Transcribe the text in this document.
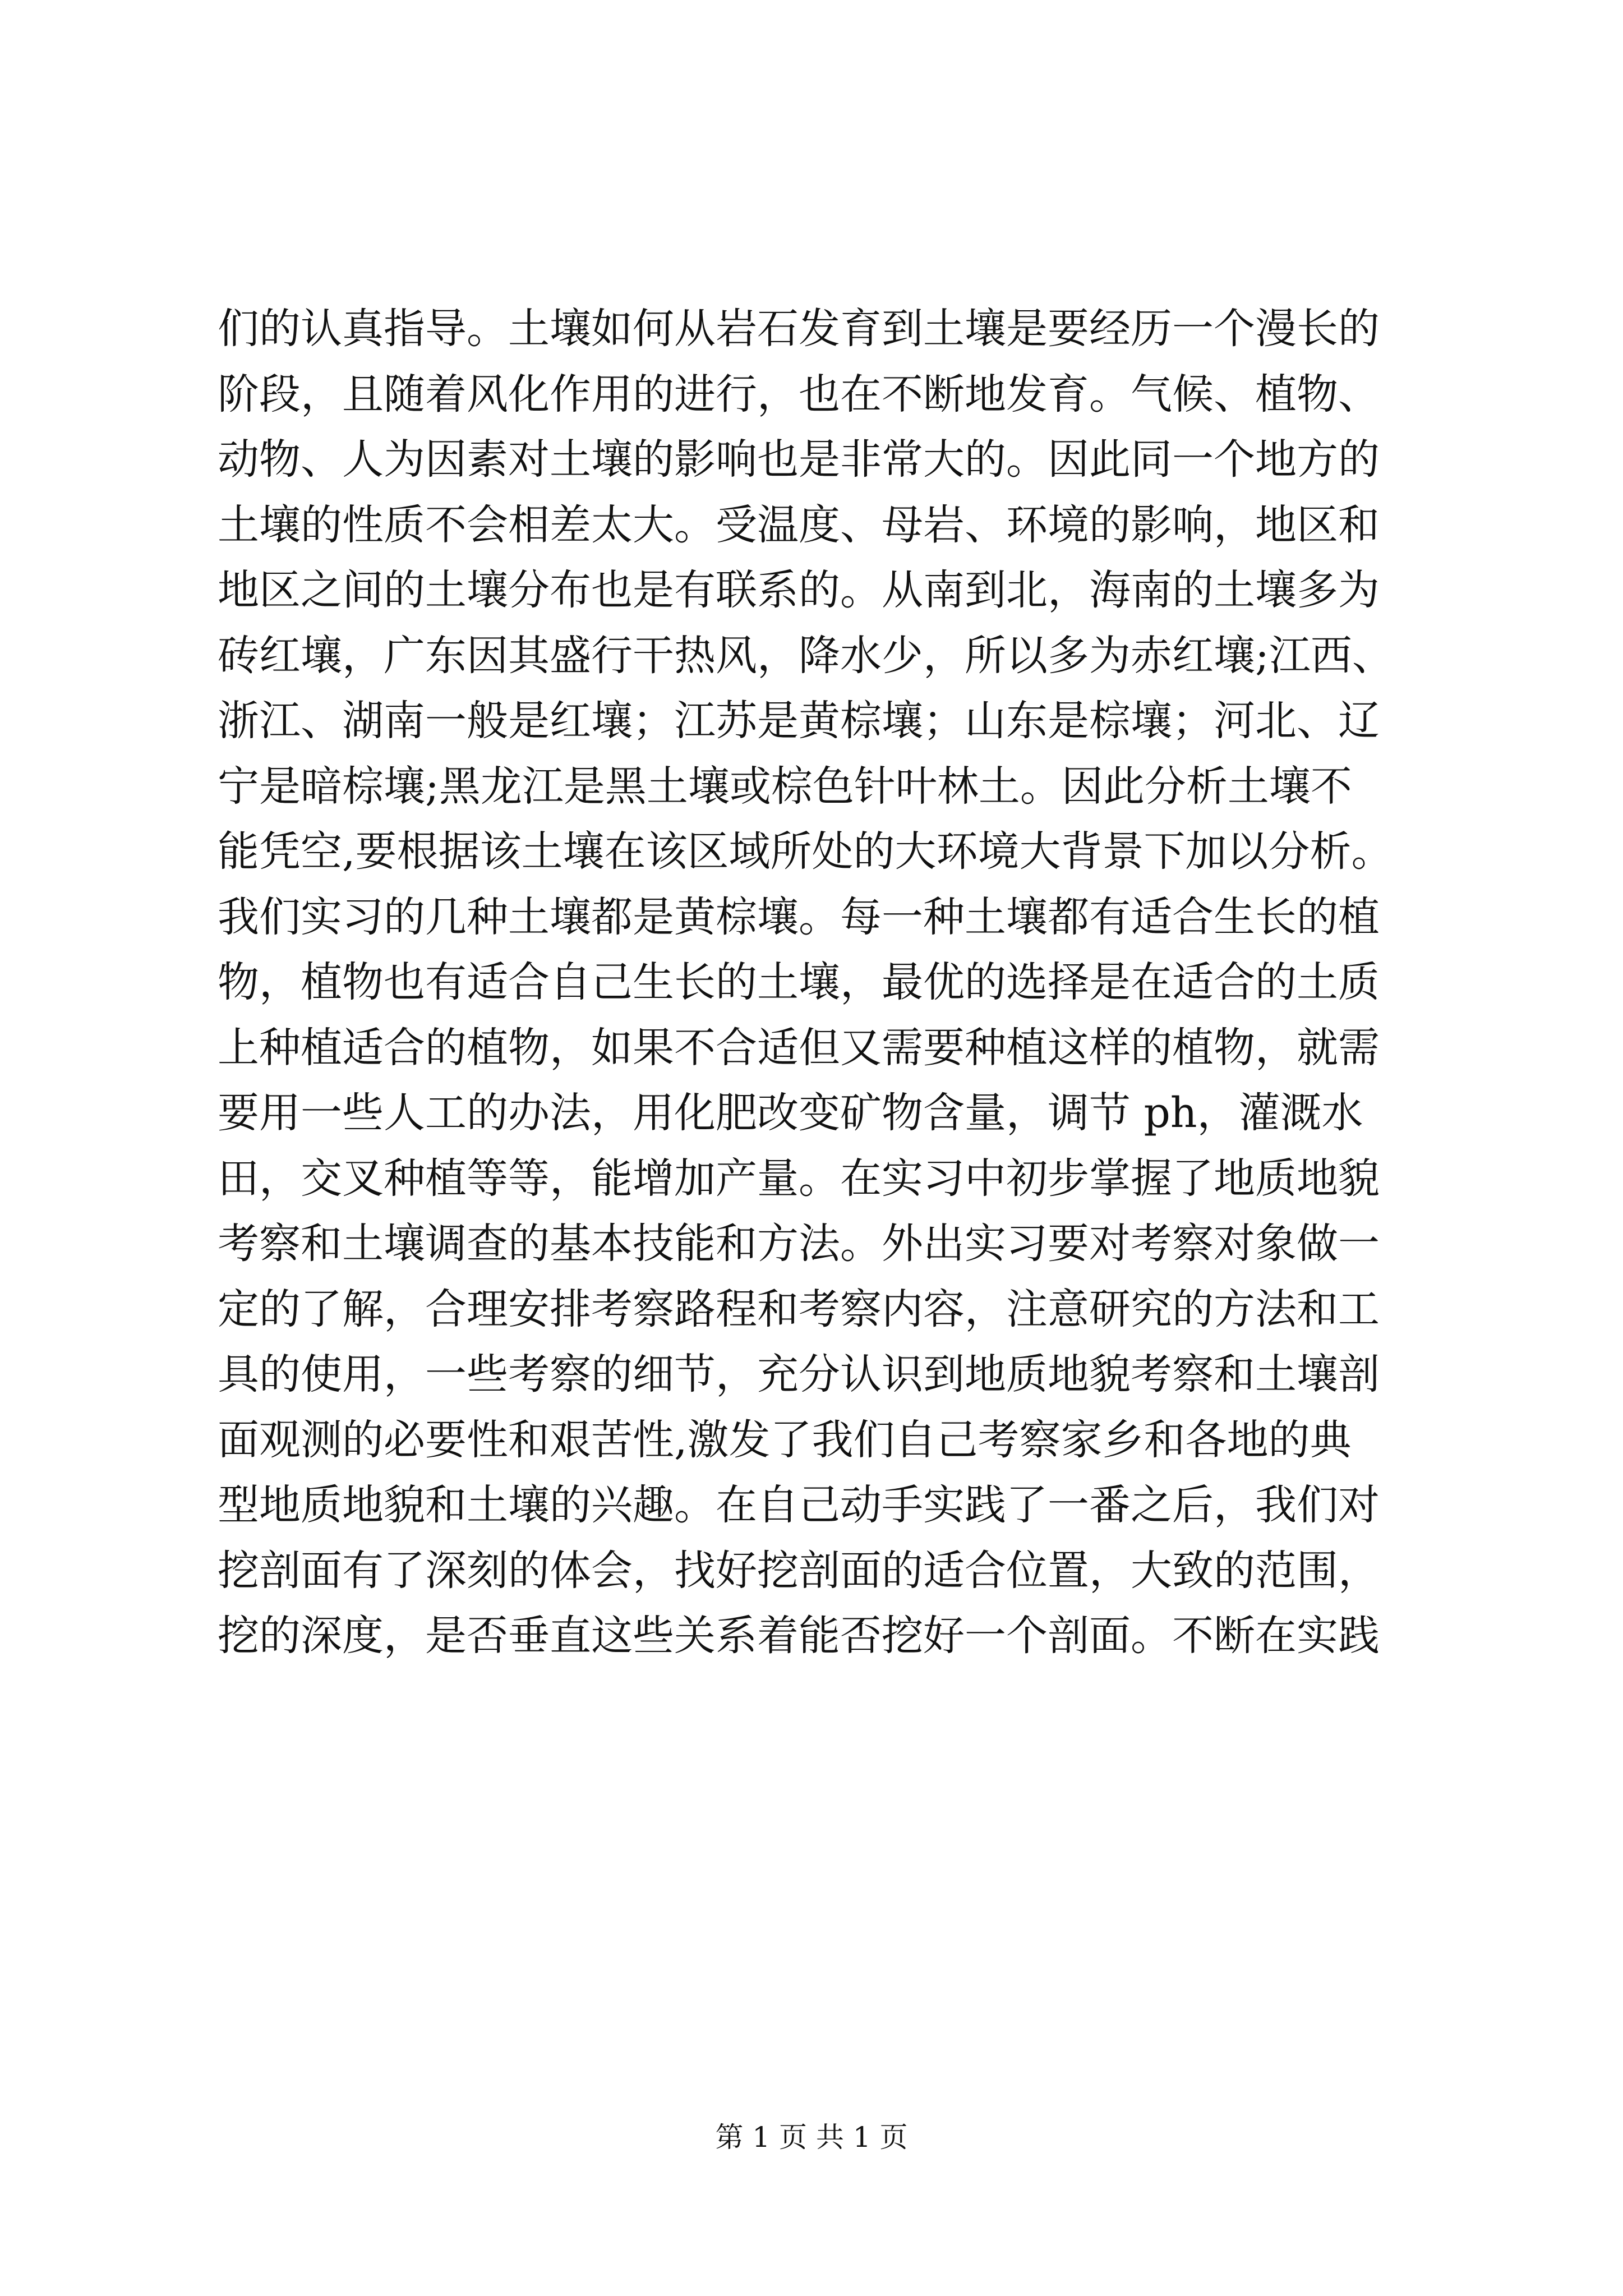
们的认真指导。土壤如何从岩石发育到土壤是要经历一个漫长的
阶段，且随着风化作用的进行，也在不断地发育。气候、植物、
动物、人为因素对土壤的影响也是非常大的。因此同一个地方的
土壤的性质不会相差太大。受温度、母岩、环境的影响，地区和
地区之间的土壤分布也是有联系的。从南到北，海南的土壤多为
砖红壤，广东因其盛行干热风，降水少，所以多为赤红壤;江西、
浙江、湖南一般是红壤；江苏是黄棕壤；山东是棕壤；河北、辽
宁是暗棕壤;黑龙江是黑土壤或棕色针叶林土。因此分析土壤不
能凭空,要根据该土壤在该区域所处的大环境大背景下加以分析。
我们实习的几种土壤都是黄棕壤。每一种土壤都有适合生长的植
物，植物也有适合自己生长的土壤，最优的选择是在适合的土质
上种植适合的植物，如果不合适但又需要种植这样的植物，就需
要用一些人工的办法，用化肥改变矿物含量，调节 ph，灌溉水
田，交叉种植等等，能增加产量。在实习中初步掌握了地质地貌
考察和土壤调查的基本技能和方法。外出实习要对考察对象做一
定的了解，合理安排考察路程和考察内容，注意研究的方法和工
具的使用，一些考察的细节，充分认识到地质地貌考察和土壤剖
面观测的必要性和艰苦性,激发了我们自己考察家乡和各地的典
型地质地貌和土壤的兴趣。在自己动手实践了一番之后，我们对
挖剖面有了深刻的体会，找好挖剖面的适合位置，大致的范围，
挖的深度，是否垂直这些关系着能否挖好一个剖面。不断在实践
第 1 页 共 1 页
